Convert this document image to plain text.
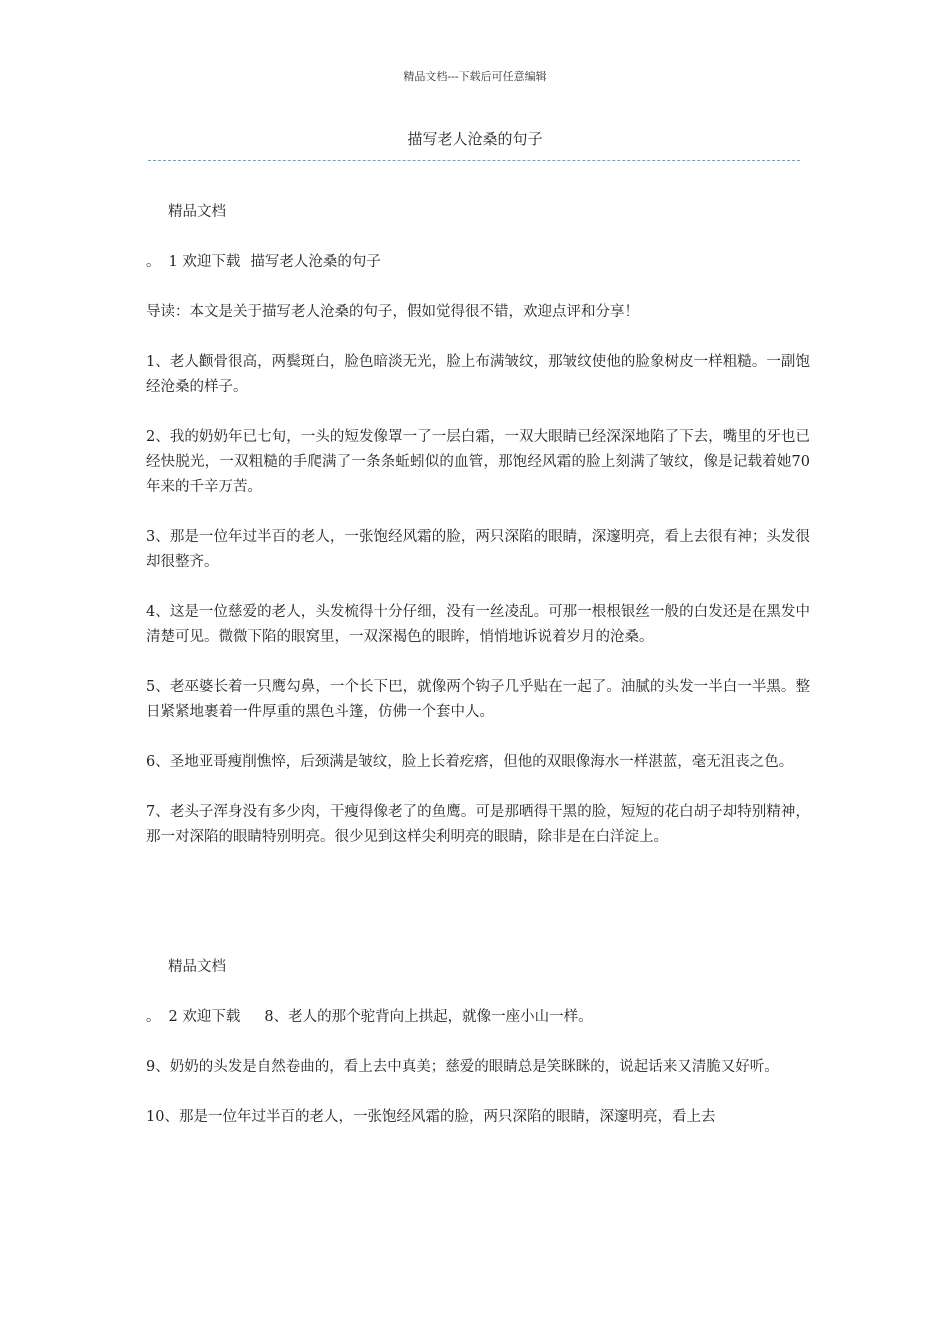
精品文档---下载后可任意编辑
描写老人沧桑的句子

精品文档

。 1 欢迎下载 描写老人沧桑的句子

导读：本文是关于描写老人沧桑的句子，假如觉得很不错，欢迎点评和分享！

1、老人颧骨很高，两鬓斑白，脸色暗淡无光，脸上布满皱纹，那皱纹使他的脸象树皮一样粗糙。一副饱经沧桑的样子。

2、我的奶奶年已七旬，一头的短发像罩一了一层白霜，一双大眼睛已经深深地陷了下去，嘴里的牙也已经快脱光，一双粗糙的手爬满了一条条蚯蚓似的血管，那饱经风霜的脸上刻满了皱纹，像是记载着她70年来的千辛万苦。

3、那是一位年过半百的老人，一张饱经风霜的脸，两只深陷的眼睛，深邃明亮，看上去很有神；头发很却很整齐。

4、这是一位慈爱的老人，头发梳得十分仔细，没有一丝凌乱。可那一根根银丝一般的白发还是在黑发中清楚可见。微微下陷的眼窝里，一双深褐色的眼眸，悄悄地诉说着岁月的沧桑。

5、老巫婆长着一只鹰勾鼻，一个长下巴，就像两个钩子几乎贴在一起了。油腻的头发一半白一半黑。整日紧紧地裹着一件厚重的黑色斗篷，仿佛一个套中人。

6、圣地亚哥瘦削憔悴，后颈满是皱纹，脸上长着疙瘩，但他的双眼像海水一样湛蓝，毫无沮丧之色。

7、老头子浑身没有多少肉，干瘦得像老了的鱼鹰。可是那晒得干黑的脸，短短的花白胡子却特别精神，那一对深陷的眼睛特别明亮。很少见到这样尖利明亮的眼睛，除非是在白洋淀上。

精品文档

。 2 欢迎下载 8、老人的那个驼背向上拱起，就像一座小山一样。

9、奶奶的头发是自然卷曲的，看上去中真美；慈爱的眼睛总是笑眯眯的，说起话来又清脆又好听。

10、那是一位年过半百的老人，一张饱经风霜的脸，两只深陷的眼睛，深邃明亮，看上去
